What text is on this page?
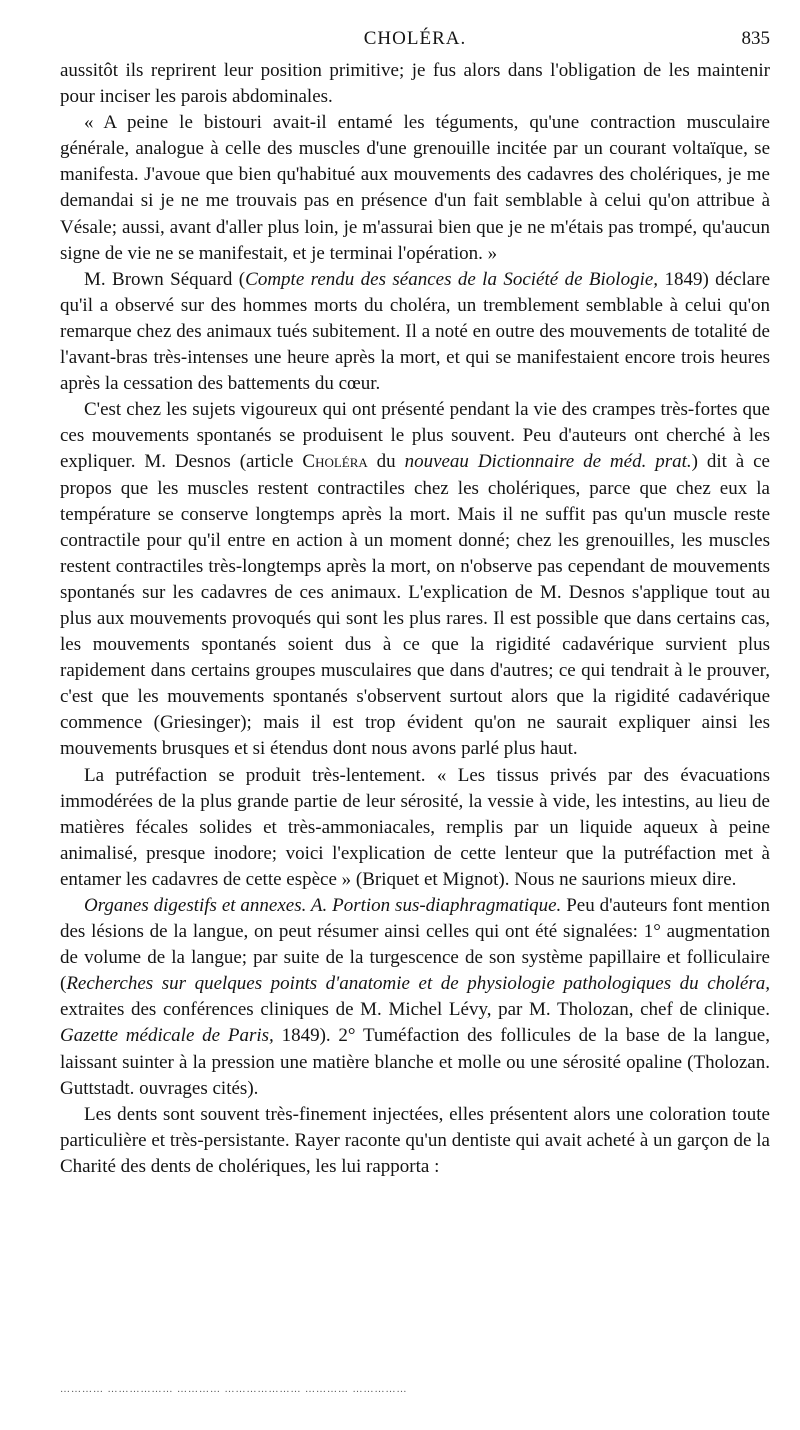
CHOLÉRA.	835

aussitôt ils reprirent leur position primitive; je fus alors dans l'obligation de les maintenir pour inciser les parois abdominales.

« A peine le bistouri avait-il entamé les téguments, qu'une contraction musculaire générale, analogue à celle des muscles d'une grenouille incitée par un courant voltaïque, se manifesta. J'avoue que bien qu'habitué aux mouvements des cadavres des cholériques, je me demandai si je ne me trouvais pas en présence d'un fait semblable à celui qu'on attribue à Vésale; aussi, avant d'aller plus loin, je m'assurai bien que je ne m'étais pas trompé, qu'aucun signe de vie ne se manifestait, et je terminai l'opération. »

M. Brown Séquard (Compte rendu des séances de la Société de Biologie, 1849) déclare qu'il a observé sur des hommes morts du choléra, un tremblement semblable à celui qu'on remarque chez des animaux tués subitement. Il a noté en outre des mouvements de totalité de l'avant-bras très-intenses une heure après la mort, et qui se manifestaient encore trois heures après la cessation des battements du cœur.

C'est chez les sujets vigoureux qui ont présenté pendant la vie des crampes très-fortes que ces mouvements spontanés se produisent le plus souvent. Peu d'auteurs ont cherché à les expliquer. M. Desnos (article Choléra du nouveau Dictionnaire de méd. prat.) dit à ce propos que les muscles restent contractiles chez les cholériques, parce que chez eux la température se conserve longtemps après la mort. Mais il ne suffit pas qu'un muscle reste contractile pour qu'il entre en action à un moment donné; chez les grenouilles, les muscles restent contractiles très-longtemps après la mort, on n'observe pas cependant de mouvements spontanés sur les cadavres de ces animaux. L'explication de M. Desnos s'applique tout au plus aux mouvements provoqués qui sont les plus rares. Il est possible que dans certains cas, les mouvements spontanés soient dus à ce que la rigidité cadavérique survient plus rapidement dans certains groupes musculaires que dans d'autres; ce qui tendrait à le prouver, c'est que les mouvements spontanés s'observent surtout alors que la rigidité cadavérique commence (Griesinger); mais il est trop évident qu'on ne saurait expliquer ainsi les mouvements brusques et si étendus dont nous avons parlé plus haut.

La putréfaction se produit très-lentement. « Les tissus privés par des évacuations immodérées de la plus grande partie de leur sérosité, la vessie à vide, les intestins, au lieu de matières fécales solides et très-ammoniacales, remplis par un liquide aqueux à peine animalisé, presque inodore; voici l'explication de cette lenteur que la putréfaction met à entamer les cadavres de cette espèce » (Briquet et Mignot). Nous ne saurions mieux dire.

Organes digestifs et annexes. A. Portion sus-diaphragmatique. Peu d'auteurs font mention des lésions de la langue, on peut résumer ainsi celles qui ont été signalées: 1° augmentation de volume de la langue; par suite de la turgescence de son système papillaire et folliculaire (Recherches sur quelques points d'anatomie et de physiologie pathologiques du choléra, extraites des conférences cliniques de M. Michel Lévy, par M. Tholozan, chef de clinique. Gazette médicale de Paris, 1849). 2° Tuméfaction des follicules de la base de la langue, laissant suinter à la pression une matière blanche et molle ou une sérosité opaline (Tholozan. Guttstadt. ouvrages cités).

Les dents sont souvent très-finement injectées, elles présentent alors une coloration toute particulière et très-persistante. Rayer raconte qu'un dentiste qui avait acheté à un garçon de la Charité des dents de cholériques, les lui rapporta :

………… ……………… ………… ………………… ………… ……………
